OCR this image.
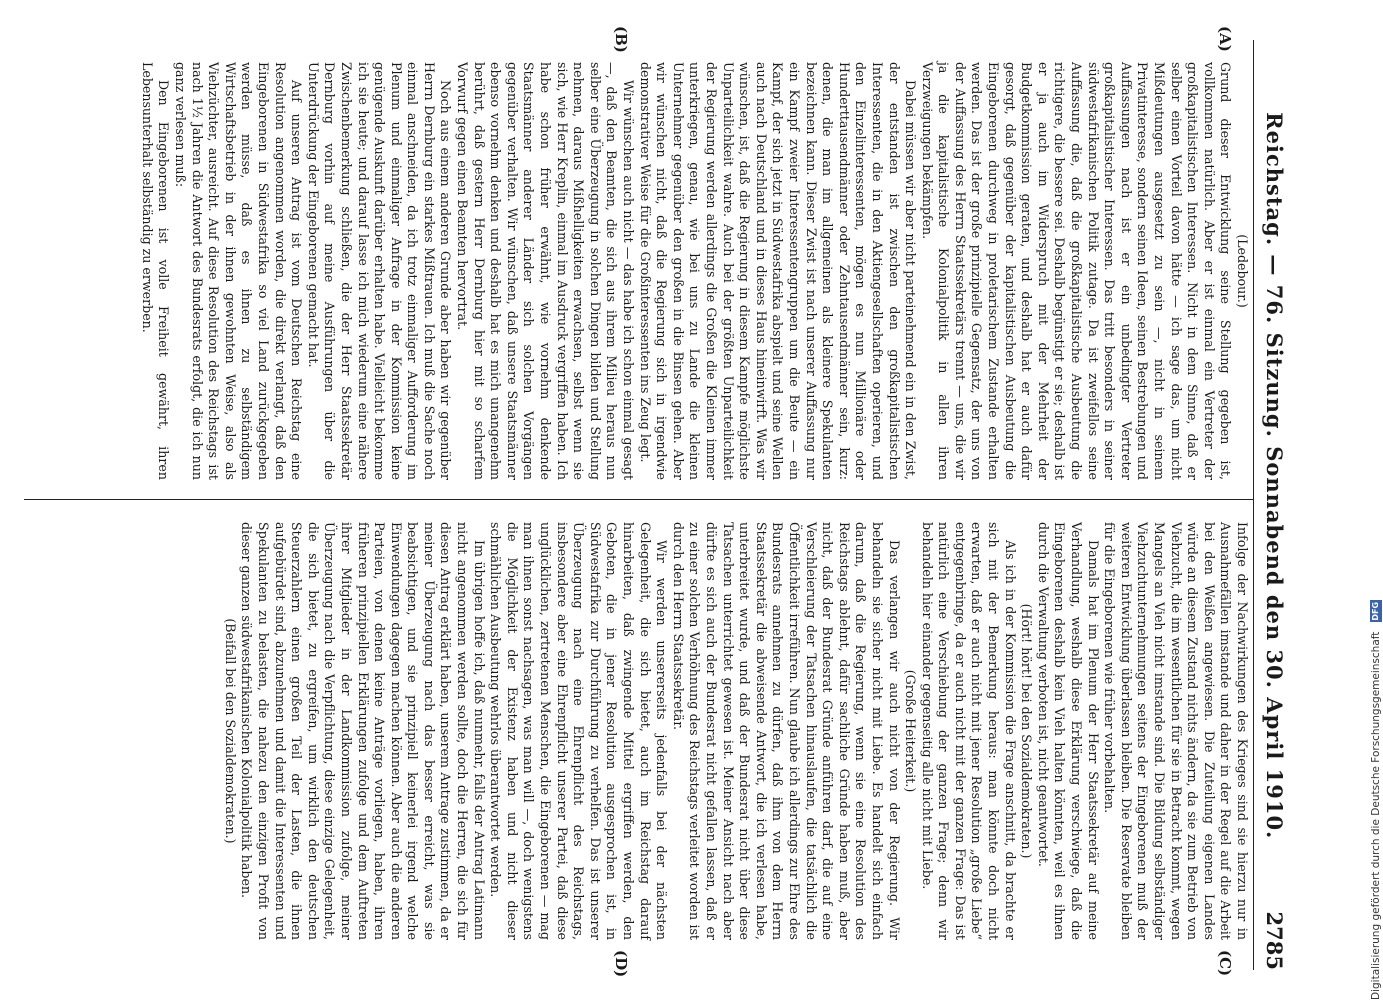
Reichstag. — 76. Sitzung. Sonnabend den 30. April 1910.
2785
(A)
(B)
(C)
(D)

(Ledebour.)

Grund dieser Entwicklung seine Stellung gegeben ist, vollkommen natürlich. Aber er ist einmal ein Vertreter der großkapitalistischen Interessen. Nicht in dem Sinne, daß er selber einen Vorteil davon hätte — ich sage das, um nicht Mißdeutungen ausgesetzt zu sein —, nicht in seinem Privatinteresse, sondern seinen Ideen, seinen Bestrebungen und Auffassungen nach ist er ein unbedingter Vertreter großkapitalistischer Interessen. Das tritt besonders in seiner südwestafrikanischen Politik zutage. Da ist zweifellos seine Auffassung die, daß die großkapitalistische Ausbeutung die richtigere, die bessere sei. Deshalb begünstigt er sie; deshalb ist er ja auch im Widerspruch mit der Mehrheit der Budgetkommission geraten, und deshalb hat er auch dafür gesorgt, daß gegenüber der kapitalistischen Ausbeutung die Eingeborenen durchweg in proletarischem Zustande erhalten werden. Das ist der große prinzipielle Gegensatz, der uns von der Auffassung des Herrn Staatssekretärs trennt — uns, die wir ja die kapitalistische Kolonialpolitik in allen ihren Verzweigungen bekämpfen.

Dabei müssen wir aber nicht parteinehmend ein in den Zwist, der entstanden ist zwischen den großkapitalistischen Interessenten, die in den Aktiengesellschaften operieren, und den Einzelinteressenten, mögen es nun Millionäre oder Hunderttausendmänner oder Zehntausendmänner sein, kurz: denen, die man im allgemeinen als kleinere Spekulanten bezeichnen kann. Dieser Zwist ist nach unserer Auffassung nur ein Kampf zweier Interessentengruppen um die Beute — ein Kampf, der sich jetzt in Südwestafrika abspielt und seine Wellen auch nach Deutschland und in dieses Haus hineinwirft. Was wir wünschen, ist, daß die Regierung in diesem Kampfe möglichste Unparteilichkeit wahre. Auch bei der größten Unparteilichkeit der Regierung werden allerdings die Großen die Kleinen immer unterkriegen, genau, wie bei uns zu Lande die kleinen Unternehmer gegenüber den großen in die Binsen gehen. Aber wir wünschen nicht, daß die Regierung sich in irgendwie demonstrativer Weise für die Großinteressenten ins Zeug legt.

Wir wünschen auch nicht — das habe ich schon einmal gesagt —, daß den Beamten, die sich aus ihrem Milieu heraus nun selber eine Überzeugung in solchen Dingen bilden und Stellung nehmen, daraus Mißhelligkeiten erwachsen, selbst wenn sie sich, wie Herr Kreplin, einmal im Ausdruck vergriffen haben. Ich habe schon früher erwähnt, wie vornehm denkende Staatsmänner anderer Länder sich solchen Vorgängen gegenüber verhalten. Wir wünschen, daß unsere Staatsmänner ebenso vornehm denken und deshalb hat es mich unangenehm berührt, daß gestern Herr Dernburg hier mit so scharfem Vorwurf gegen einen Beamten hervortrat.

Noch aus einem anderen Grunde aber haben wir gegenüber Herrn Dernburg ein starkes Mißtrauen. Ich muß die Sache noch einmal anschneiden, da ich trotz einmaliger Aufforderung im Plenum und einmaliger Anfrage in der Kommission keine genügende Auskunft darüber erhalten habe. Vielleicht bekomme ich sie heute; und darauf lasse ich mich wiederum eine nähere Zwischenbemerkung schließen, die der Herr Staatssekretär Dernburg vorhin auf meine Ausführungen über die Unterdrückung der Eingeborenen gemacht hat.

Auf unseren Antrag ist vom Deutschen Reichstag eine Resolution angenommen worden, die direkt verlangt, daß den Eingeborenen in Südwestafrika so viel Land zurückgegeben werden müsse, daß es ihnen zu selbständigem Wirtschaftsbetrieb in der ihnen gewohnten Weise, also als Viehzüchter, ausreicht. Auf diese Resolution des Reichstags ist nach 1½ Jahren die Antwort des Bundesrats erfolgt, die ich nun ganz verlesen muß:

Den Eingeborenen ist volle Freiheit gewährt, ihren Lebensunterhalt selbständig zu erwerben.

Infolge der Nachwirkungen des Krieges sind sie hierzu nur in Ausnahmefällen imstande und daher in der Regel auf die Arbeit bei den Weißen angewiesen. Die Zuteilung eigenen Landes würde an diesem Zustand nichts ändern, da sie zum Betrieb von Viehzucht, die im wesentlichen für sie in Betracht kommt, wegen Mangels an Vieh nicht imstande sind. Die Bildung selbständiger Viehzuchtunternehmungen seitens der Eingeborenen muß der weiteren Entwicklung überlassen bleiben. Die Reservate bleiben für die Eingeborenen wie früher vorbehalten.

Damals hat im Plenum der Herr Staatssekretär auf meine Verhandlung, weshalb diese Erklärung verschwiege, daß die Eingeborenen deshalb kein Vieh halten könnten, weil es ihnen durch die Verwaltung verboten ist, nicht geantwortet.

(Hört! hört! bei den Sozialdemokraten.)

Als ich in der Kommission die Frage anschnitt, da brachte er sich mit der Bemerkung heraus: man könnte doch nicht erwarten, daß er auch nicht mit jener Resolution „große Liebe“ entgegenbringe, da er auch nicht mit der ganzen Frage: Das ist natürlich eine Verschiebung der ganzen Frage; denn wir behandeln hier einander gegenseitig alle nicht mit Liebe.

(Große Heiterkeit.)

Das verlangen wir auch nicht von der Regierung. Wir behandeln sie sicher nicht mit Liebe. Es handelt sich einfach darum, daß die Regierung, wenn sie eine Resolution des Reichstags ablehnt, dafür sachliche Gründe haben muß, aber nicht, daß der Bundesrat Gründe anführen darf, die auf eine Verschleierung der Tatsachen hinauslaufen, die tatsächlich die Öffentlichkeit irreführen. Nun glaube ich allerdings zur Ehre des Bundesrats annehmen zu dürfen, daß ihm von dem Herrn Staatssekretär die abweisende Antwort, die ich verlesen habe, unterbreitet wurde, und daß der Bundesrat nicht über diese Tatsachen unterrichtet gewesen ist. Meiner Ansicht nach aber dürfte es sich auch der Bundesrat nicht gefallen lassen, daß er zu einer solchen Verhöhnung des Reichstags verleitet worden ist durch den Herrn Staatssekretär.

Wir werden unsererseits jedenfalls bei der nächsten Gelegenheit, die sich bietet, auch im Reichstag darauf hinarbeiten, daß zwingende Mittel ergriffen werden, den Geboten, die in jener Resolution ausgesprochen ist, in Südwestafrika zur Durchführung zu verhelfen. Das ist unserer Überzeugung nach eine Ehrenpflicht des Reichstags, insbesondere aber eine Ehrenpflicht unserer Partei, daß diese unglücklichen, zertretenen Menschen, die Eingeborenen — mag man ihnen sonst nachsagen, was man will —, doch wenigstens die Möglichkeit der Existenz haben und nicht dieser schmählichen Ausbeutung wehrlos überantwortet werden.

Im übrigen hoffe ich, daß nunmehr, falls der Antrag Latimann nicht angenommen werden sollte, doch die Herren, die sich für diesen Antrag erklärt haben, unserem Antrage zustimmen, da er meiner Überzeugung nach das besser erreicht, was sie beabsichtigen, und sie prinzipiell keinerlei irgend welche Einwendungen dagegen machen können. Aber auch die anderen Parteien, von denen keine Anträge vorliegen, haben, ihren früheren prinzipiellen Erklärungen zufolge und dem Auftreten ihrer Mitglieder in der Landkommission zufolge, meiner Überzeugung nach die Verpflichtung, diese einzige Gelegenheit, die sich bietet, zu ergreifen, um wirklich den deutschen Steuerzahlern einen großen Teil der Lasten, die ihnen aufgebürdet sind, abzunehmen und damit die Interessenten und Spekulanten zu belasten, die nahezu den einzigen Profit von dieser ganzen südwestafrikanischen Kolonialpolitik haben.

(Beifall bei den Sozialdemokraten.)	Digitalisierung gefördert durch die Deutsche Forschungsgemeinschaft DFG
